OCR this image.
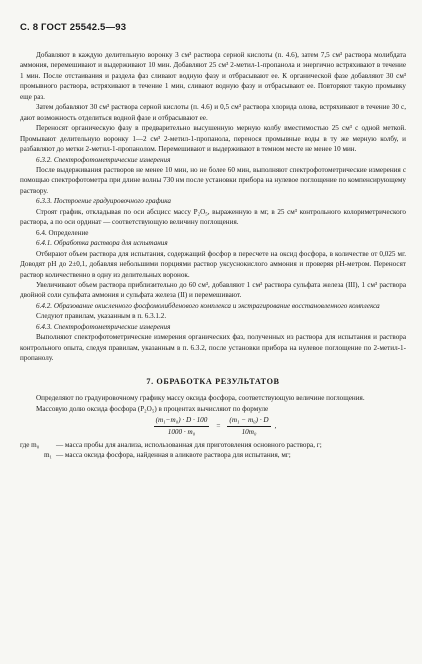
С. 8 ГОСТ 25542.5—93

Добавляют в каждую делительную воронку 3 см³ раствора серной кислоты (п. 4.6), затем 7,5 см³ раствора молибдата аммония, перемешивают и выдерживают 10 мин. Добавляют 25 см³ 2-метил-1-пропанола и энергично встряхивают в течение 1 мин. После отстаивания и раздела фаз сливают водную фазу и отбрасывают ее. К органической фазе добавляют 30 см³ промывного раствора, встряхивают в течение 1 мин, сливают водную фазу и отбрасывают ее. Повторяют такую промывку еще раз.

Затем добавляют 30 см³ раствора серной кислоты (п. 4.6) и 0,5 см³ раствора хлорида олова, встряхивают в течение 30 с, дают возможность отделиться водной фазе и отбрасывают ее.

Переносят органическую фазу в предварительно высушенную мерную колбу вместимостью 25 см³ с одной меткой. Промывают делительную воронку 1—2 см³ 2-метил-1-пропанола, перенося промывные воды в ту же мерную колбу, и разбавляют до метки 2-метил-1-пропанолом. Перемешивают и выдерживают в темном месте не менее 10 мин.

6.3.2. Спектрофотометрические измерения

После выдерживания растворов не менее 10 мин, но не более 60 мин, выполняют спектрофотометрические измерения с помощью спектрофотометра при длине волны 730 нм после установки прибора на нулевое поглощение по компенсирующему раствору.

6.3.3. Построение градуировочного графика

Строят график, откладывая по оси абсцисс массу P₂O₅, выраженную в мг, в 25 см³ контрольного колориметрического раствора, а по оси ординат — соответствующую величину поглощения.

6.4. Определение

6.4.1. Обработка раствора для испытания

Отбирают объем раствора для испытания, содержащий фосфор в пересчете на оксид фосфора, в количестве от 0,025 мг. Доводят pH до 2±0,1, добавляя небольшими порциями раствор уксуснокислого аммония и проверяя pH-метром. Переносят раствор количественно в одну из делительных воронок.

Увеличивают объем раствора приблизительно до 60 см³, добавляют 1 см³ раствора сульфата железа (III), 1 см³ раствора двойной соли сульфата аммония и сульфата железа (II) и перемешивают.

6.4.2. Образование окисленного фосфомолибденового комплекса и экстрагирование восстановленного комплекса

Следуют правилам, указанным в п. 6.3.1.2.

6.4.3. Спектрофотометрические измерения

Выполняют спектрофотометрические измерения органических фаз, полученных из раствора для испытания и раствора контрольного опыта, следуя правилам, указанным в п. 6.3.2, после установки прибора на нулевое поглощение по 2-метил-1-пропанолу.

7. ОБРАБОТКА РЕЗУЛЬТАТОВ

Определяют по градуировочному графику массу оксида фосфора, соответствующую величине поглощения.

Массовую долю оксида фосфора (P₂O₅) в процентах вычисляют по формуле

$\frac{\text{(m₁−m₀) · D · 100}}{\text{1000 · m₀}} = \frac{\text{(m₁ − m₀) · D}}{\text{10m₀}}$ ,
где m₀	— масса пробы для анализа, использованная для приготовления основного раствора, г;
m₁ — масса оксида фосфора, найденная в аликвоте раствора для испытания, мг;
